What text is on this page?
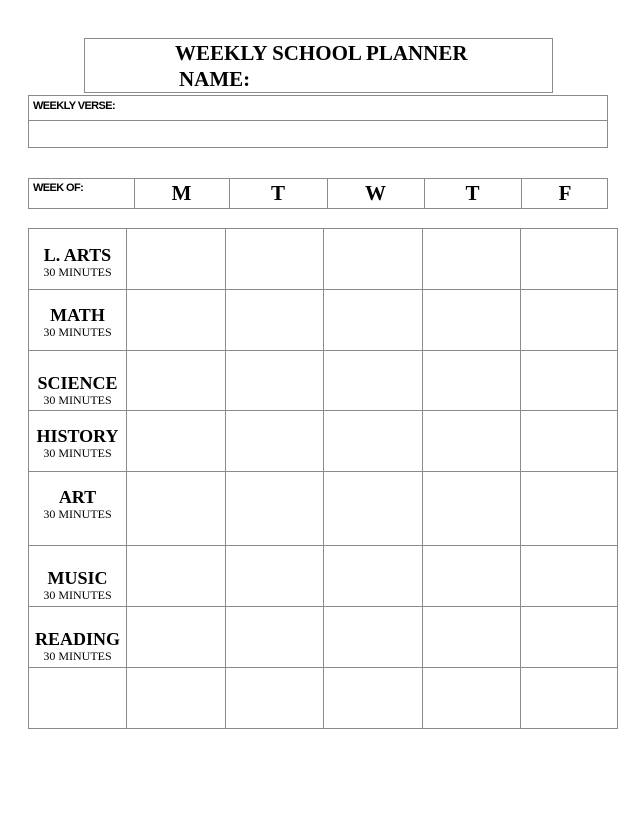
WEEKLY SCHOOL PLANNER
NAME:
WEEKLY VERSE:
WEEK OF:	M	T	W	T	F
L. ARTS
30 MINUTES					

MATH
30 MINUTES					

SCIENCE
30 MINUTES					

HISTORY
30 MINUTES					

ART
30 MINUTES					

MUSIC
30 MINUTES					

READING
30 MINUTES					
